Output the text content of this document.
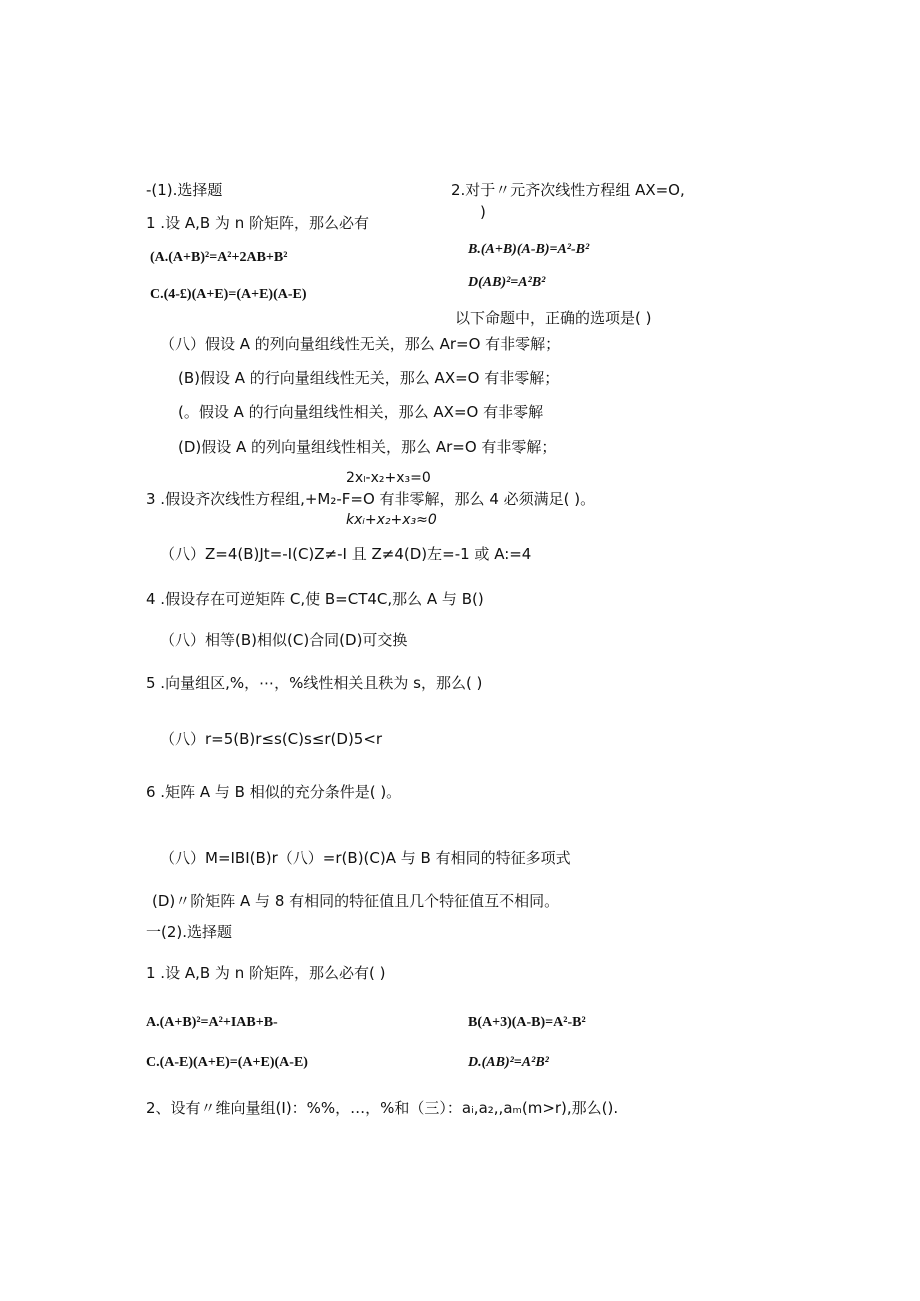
-(1).选择题	2.对于〃元齐次线性方程组 AX=O,
)
1 .设 A,B 为 n 阶矩阵，那么必有
B.(A+B)(A-B)=A²-B²
(A.(A+B)²=A²+2AB+B²
D(AB)²=A²B²
C.(4-£)(A+E)=(A+E)(A-E)
以下命题中，正确的选项是( )
（八）假设 A 的列向量组线性无关，那么 Ar=O 有非零解；
(B)假设 A 的行向量组线性无关，那么 AX=O 有非零解；
(。假设 A 的行向量组线性相关，那么 AX=O 有非零解
(D)假设 A 的列向量组线性相关，那么 Ar=O 有非零解；
2xₗ-x₂+x₃=0
3 .假设齐次线性方程组,+M₂-F=O 有非零解，那么 4 必须满足( )。
kxᵢ+x₂+x₃≈0
（八）Z=4(B)Jt=-I(C)Z≠-I 且 Z≠4(D)左=-1 或 A:=4
4 .假设存在可逆矩阵 C,使 B=CT4C,那么 A 与 B()
（八）相等(B)相似(C)合同(D)可交换
5 .向量组区,%，⋯，%线性相关且秩为 s，那么( )
（八）r=5(B)r≤s(C)s≤r(D)5<r
6 .矩阵 A 与 B 相似的充分条件是( )。
（八）M=IBI(B)r（八）=r(B)(C)A 与 B 有相同的特征多项式
(D)〃阶矩阵 A 与 8 有相同的特征值且几个特征值互不相同。
一(2).选择题
1 .设 A,B 为 n 阶矩阵，那么必有( )
A.(A+B)²=A²+IAB+B-	B(A+3)(A-B)=A²-B²
C.(A-E)(A+E)=(A+E)(A-E)	D.(AB)²=A²B²
2、设有〃维向量组(I)：%%，…，%和（三）：aᵢ,a₂,,aₘ(m>r),那么().
